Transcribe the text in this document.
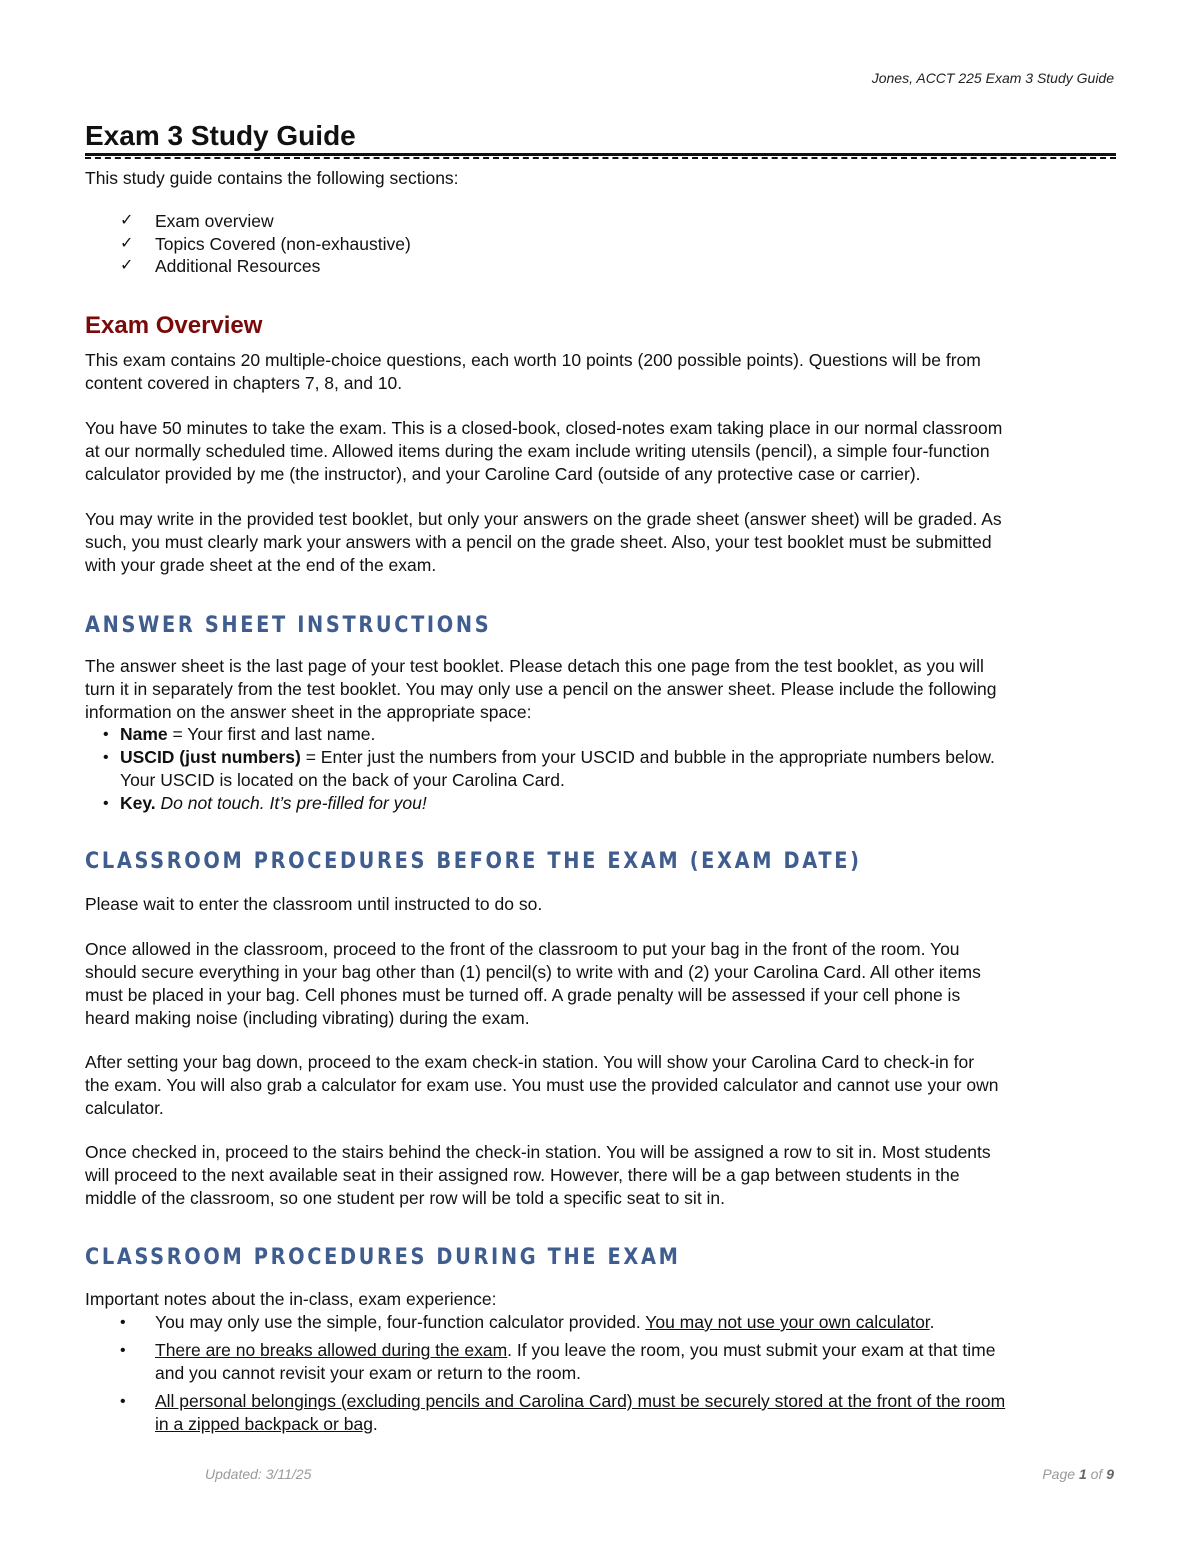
Jones, ACCT 225 Exam 3 Study Guide
Exam 3 Study Guide

This study guide contains the following sections:

✓	Exam overview
✓	Topics Covered (non-exhaustive)
✓	Additional Resources
Exam Overview

This exam contains 20 multiple-choice questions, each worth 10 points (200 possible points). Questions will be from

content covered in chapters 7, 8, and 10.

You have 50 minutes to take the exam. This is a closed-book, closed-notes exam taking place in our normal classroom

at our normally scheduled time. Allowed items during the exam include writing utensils (pencil), a simple four-function

calculator provided by me (the instructor), and your Caroline Card (outside of any protective case or carrier).

You may write in the provided test booklet, but only your answers on the grade sheet (answer sheet) will be graded. As

such, you must clearly mark your answers with a pencil on the grade sheet. Also, your test booklet must be submitted

with your grade sheet at the end of the exam.

ANSWER SHEET INSTRUCTIONS

The answer sheet is the last page of your test booklet. Please detach this one page from the test booklet, as you will

turn it in separately from the test booklet. You may only use a pencil on the answer sheet. Please include the following

information on the answer sheet in the appropriate space:

• Name = Your first and last name.
• USCID (just numbers) = Enter just the numbers from your USCID and bubble in the appropriate numbers below.
Your USCID is located on the back of your Carolina Card.
• Key. Do not touch. It’s pre-filled for you!
CLASSROOM PROCEDURES BEFORE THE EXAM (EXAM DATE)

Please wait to enter the classroom until instructed to do so.

Once allowed in the classroom, proceed to the front of the classroom to put your bag in the front of the room. You

should secure everything in your bag other than (1) pencil(s) to write with and (2) your Carolina Card. All other items

must be placed in your bag. Cell phones must be turned off. A grade penalty will be assessed if your cell phone is

heard making noise (including vibrating) during the exam.

After setting your bag down, proceed to the exam check-in station. You will show your Carolina Card to check-in for

the exam. You will also grab a calculator for exam use. You must use the provided calculator and cannot use your own

calculator.

Once checked in, proceed to the stairs behind the check-in station. You will be assigned a row to sit in. Most students

will proceed to the next available seat in their assigned row. However, there will be a gap between students in the

middle of the classroom, so one student per row will be told a specific seat to sit in.

CLASSROOM PROCEDURES DURING THE EXAM

Important notes about the in-class, exam experience:

• You may only use the simple, four-function calculator provided. You may not use your own calculator.
• There are no breaks allowed during the exam. If you leave the room, you must submit your exam at that time
and you cannot revisit your exam or return to the room.
• All personal belongings (excluding pencils and Carolina Card) must be securely stored at the front of the room
in a zipped backpack or bag.
Updated: 3/11/25	Page 1 of 9
